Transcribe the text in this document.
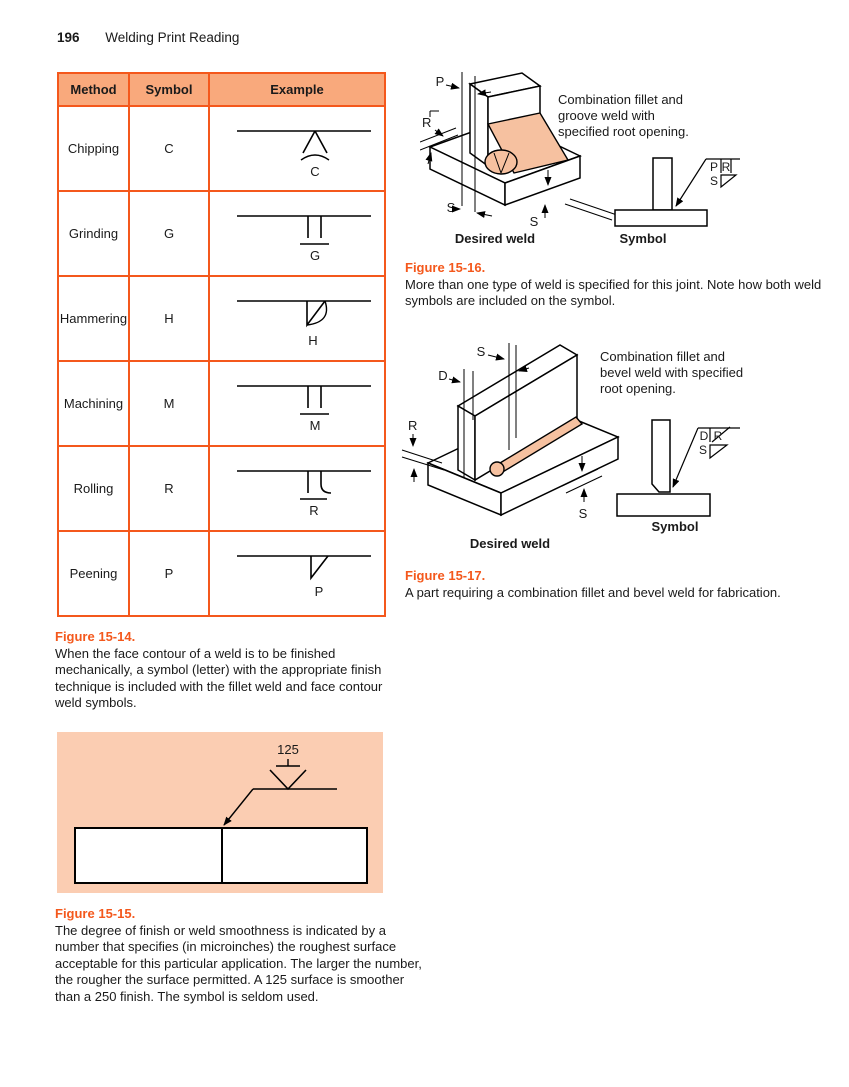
196 Welding Print Reading
Method	Symbol	Example
Chipping	C	C

Grinding	G	G

Hammering	H	H

Machining	M	M

Rolling	R	R

Peening	P	P
Figure 15-14.
When the face contour of a weld is to be finished mechanically, a symbol (letter) with the appropriate finish technique is included with the fillet weld and face contour weld symbols.
125
Figure 15-15.
The degree of finish or weld smoothness is indicated by a number that specifies (in microinches) the roughest surface acceptable for this particular application. The larger the number, the rougher the surface permitted. A 125 surface is smoother than a 250 finish. The symbol is seldom used.
P
R
S
S
P R
S
Combination fillet and
groove weld with
specified root opening.
Desired weld	Symbol
Figure 15-16.
More than one type of weld is specified for this joint. Note how both weld symbols are included on the symbol.
S
D
R
S
D R
S
Combination fillet and
bevel weld with specified
root opening.
Desired weld
Symbol
Figure 15-17.
A part requiring a combination fillet and bevel weld for fabrication.
